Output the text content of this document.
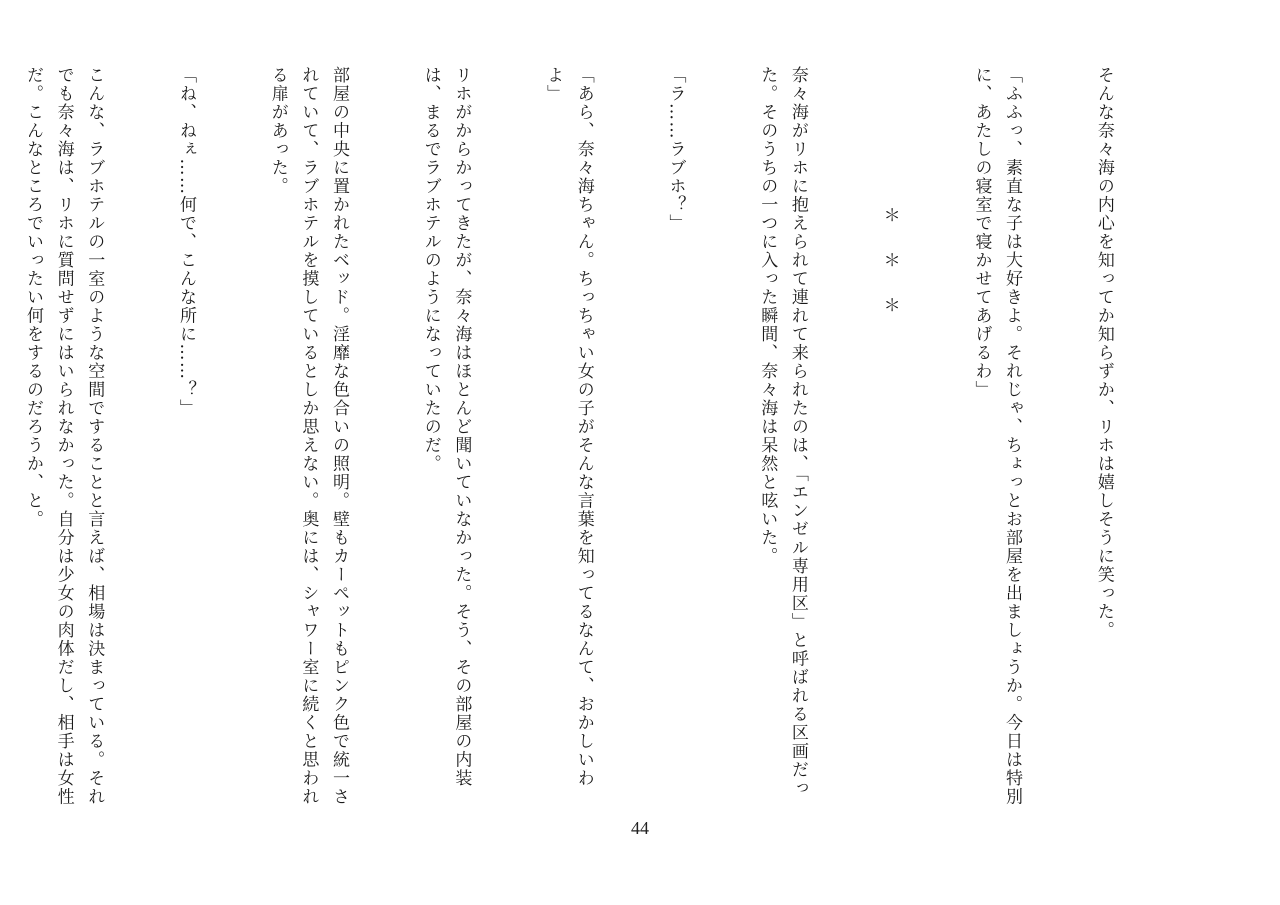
そんな奈々海の内心を知ってか知らずか、リホは嬉しそうに笑った。

「ふふっ、素直な子は大好きよ。それじゃ、ちょっとお部屋を出ましょうか。今日は特別に、あたしの寝室で寝かせてあげるわ」

＊＊＊

奈々海がリホに抱えられて連れて来られたのは、「エンゼル専用区」と呼ばれる区画だった。そのうちの一つに入った瞬間、奈々海は呆然と呟いた。

「ラ……ラブホ？」

「あら、奈々海ちゃん。ちっちゃい女の子がそんな言葉を知ってるなんて、おかしいわよ」

リホがからかってきたが、奈々海はほとんど聞いていなかった。そう、その部屋の内装は、まるでラブホテルのようになっていたのだ。

部屋の中央に置かれたベッド。淫靡な色合いの照明。壁もカーペットもピンク色で統一されていて、ラブホテルを摸しているとしか思えない。奥には、シャワー室に続くと思われる扉があった。

「ね、ねぇ……何で、こんな所に……？」

こんな、ラブホテルの一室のような空間ですることと言えば、相場は決まっている。それでも奈々海は、リホに質問せずにはいられなかった。自分は少女の肉体だし、相手は女性だ。こんなところでいったい何をするのだろうか、と。

44
